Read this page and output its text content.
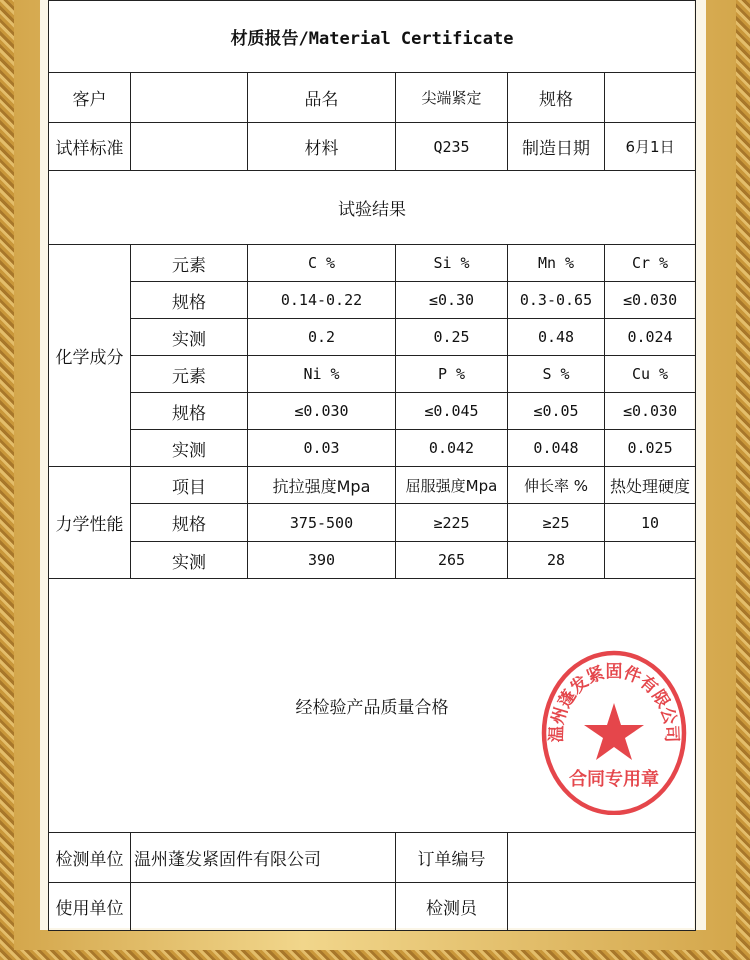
材质报告/Material Certificate					
客户		品名	尖端紧定	规格	
试样标准		材料	Q235	制造日期	6月1日
试验结果					
化学成分	元素	C %	Si %	Mn %	Cr %
	规格	0.14-0.22	≤0.30	0.3-0.65	≤0.030
	实测	0.2	0.25	0.48	0.024
	元素	Ni %	P %	S %	Cu %
	规格	≤0.030	≤0.045	≤0.05	≤0.030
	实测	0.03	0.042	0.048	0.025
力学性能	项目	抗拉强度Mpa	屈服强度Mpa	伸长率 %	热处理硬度
	规格	375-500	≥225	≥25	10
	实测	390	265	28	
经检验产品质量合格					
检测单位	温州蓬发紧固件有限公司		订单编号		
使用单位			检测员		
温州蓬发紧固件有限公司
合同专用章
